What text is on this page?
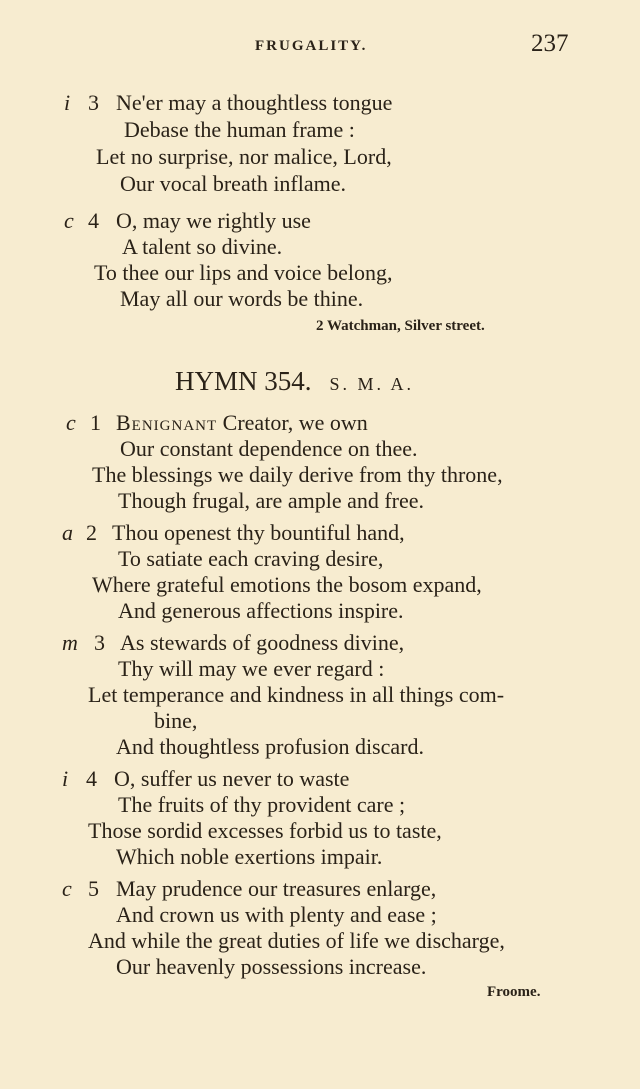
FRUGALITY.	237
i 3 Ne'er may a thoughtless tongue
Debase the human frame :
Let no surprise, nor malice, Lord,
Our vocal breath inflame.
c 4 O, may we rightly use
A talent so divine.
To thee our lips and voice belong,
May all our words be thine.
2 Watchman, Silver street.
HYMN 354. S. M. A.
c 1 Benignant Creator, we own
Our constant dependence on thee.
The blessings we daily derive from thy throne,
Though frugal, are ample and free.
a 2 Thou openest thy bountiful hand,
To satiate each craving desire,
Where grateful emotions the bosom expand,
And generous affections inspire.
m 3 As stewards of goodness divine,
Thy will may we ever regard :
Let temperance and kindness in all things com-
bine,
And thoughtless profusion discard.
i 4 O, suffer us never to waste
The fruits of thy provident care ;
Those sordid excesses forbid us to taste,
Which noble exertions impair.
c 5 May prudence our treasures enlarge,
And crown us with plenty and ease ;
And while the great duties of life we discharge,
Our heavenly possessions increase.
Froome.
